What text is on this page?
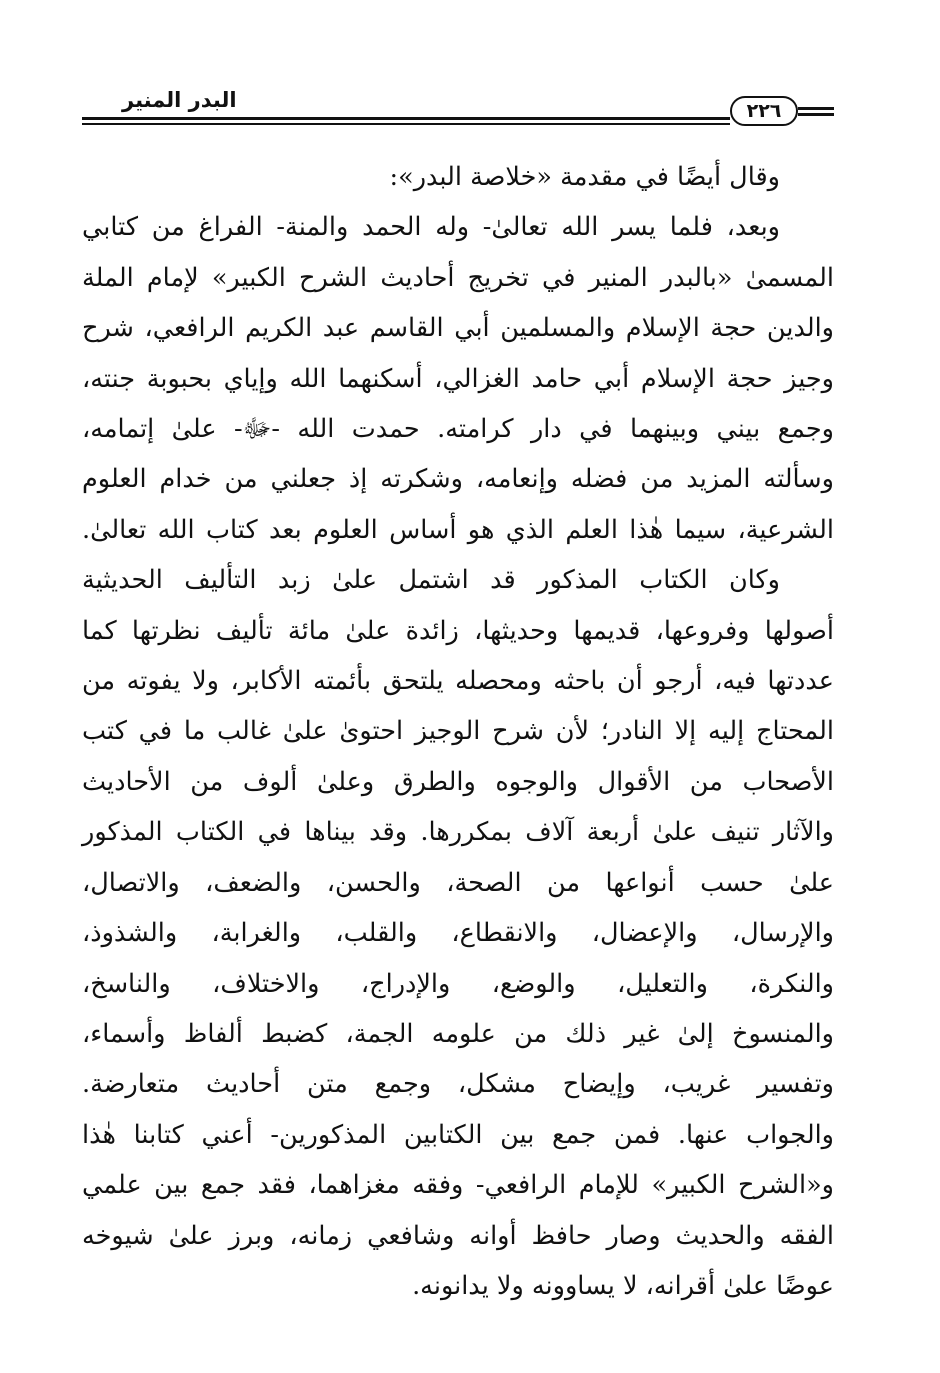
البدر المنير	٢٢٦
وقال أيضًا في مقدمة «خلاصة البدر»:
وبعد، فلما يسر الله تعالىٰ- وله الحمد والمنة- الفراغ من كتابي
المسمىٰ «بالبدر المنير في تخريج أحاديث الشرح الكبير» لإمام الملة
والدين حجة الإسلام والمسلمين أبي القاسم عبد الكريم الرافعي، شرح
وجيز حجة الإسلام أبي حامد الغزالي، أسكنهما الله وإياي بحبوبة جنته،
وجمع بيني وبينهما في دار كرامته. حمدت الله -ﷻ- علىٰ إتمامه،
وسألته المزيد من فضله وإنعامه، وشكرته إذ جعلني من خدام العلوم
الشرعية، سيما هٰذا العلم الذي هو أساس العلوم بعد كتاب الله تعالىٰ.
وكان الكتاب المذكور قد اشتمل علىٰ زبد التأليف الحديثية
أصولها وفروعها، قديمها وحديثها، زائدة علىٰ مائة تأليف نظرتها كما
عددتها فيه، أرجو أن باحثه ومحصله يلتحق بأئمته الأكابر، ولا يفوته من
المحتاج إليه إلا النادر؛ لأن شرح الوجيز احتوىٰ علىٰ غالب ما في كتب
الأصحاب من الأقوال والوجوه والطرق وعلىٰ ألوف من الأحاديث
والآثار تنيف علىٰ أربعة آلاف بمكررها. وقد بيناها في الكتاب المذكور
علىٰ حسب أنواعها من الصحة، والحسن، والضعف، والاتصال،
والإرسال، والإعضال، والانقطاع، والقلب، والغرابة، والشذوذ،
والنكرة، والتعليل، والوضع، والإدراج، والاختلاف، والناسخ،
والمنسوخ إلىٰ غير ذلك من علومه الجمة، كضبط ألفاظ وأسماء،
وتفسير غريب، وإيضاح مشكل، وجمع متن أحاديث متعارضة.
والجواب عنها. فمن جمع بين الكتابين المذكورين- أعني كتابنا هٰذا
و«الشرح الكبير» للإمام الرافعي- وفقه مغزاهما، فقد جمع بين علمي
الفقه والحديث وصار حافظ أوانه وشافعي زمانه، وبرز علىٰ شيوخه
عوضًا علىٰ أقرانه، لا يساوونه ولا يدانونه.
